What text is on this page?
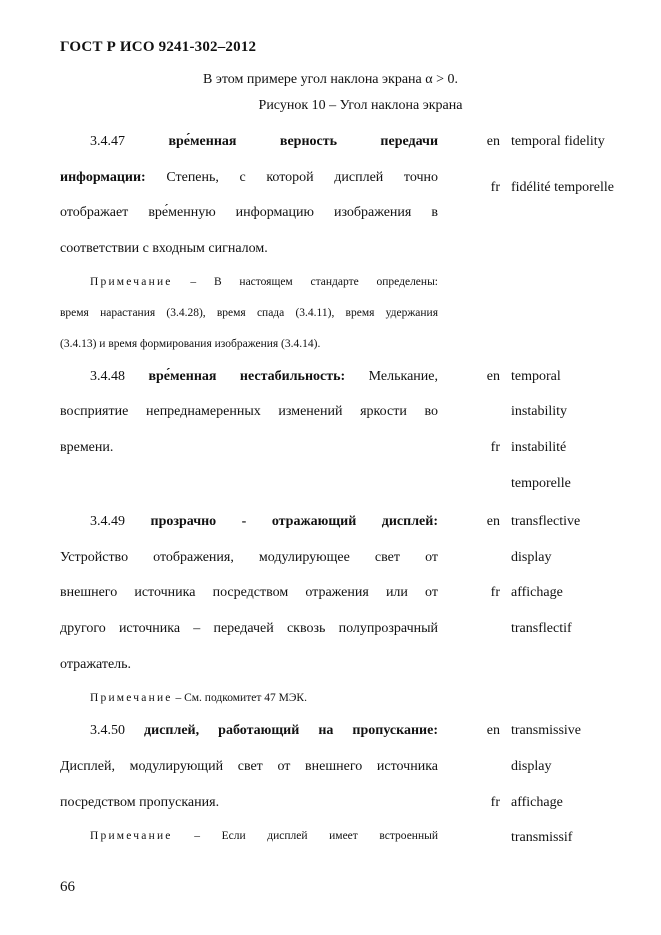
ГОСТ Р ИСО 9241-302–2012
В этом примере угол наклона экрана α > 0.
Рисунок 10 – Угол наклона экрана
3.4.47	вре́менная верность передачи
информации: Степень, с которой дисплей точно
отображает вре́менную информацию изображения в
соответствии с входным сигналом.
Примечание – В настоящем стандарте определены:
время нарастания (3.4.28), время спада (3.4.11), время удержания
(3.4.13) и время формирования изображения (3.4.14).
en temporal fidelity
fr fidélité temporelle
3.4.48 вре́менная нестабильность: Мелькание,
восприятие непреднамеренных изменений яркости во
времени.
en temporal
instability
fr instabilité
temporelle
3.4.49 прозрачно - отражающий дисплей:
Устройство отображения, модулирующее свет от
внешнего источника посредством отражения или от
другого источника – передачей сквозь полупрозрачный
отражатель.
Примечание – См. подкомитет 47 МЭК.
en transflective
display
fr affichage
transflectif
3.4.50 дисплей, работающий на пропускание:
Дисплей, модулирующий свет от внешнего источника
посредством пропускания.
Примечание – Если дисплей имеет встроенный
en transmissive
display
fr affichage
transmissif
66
